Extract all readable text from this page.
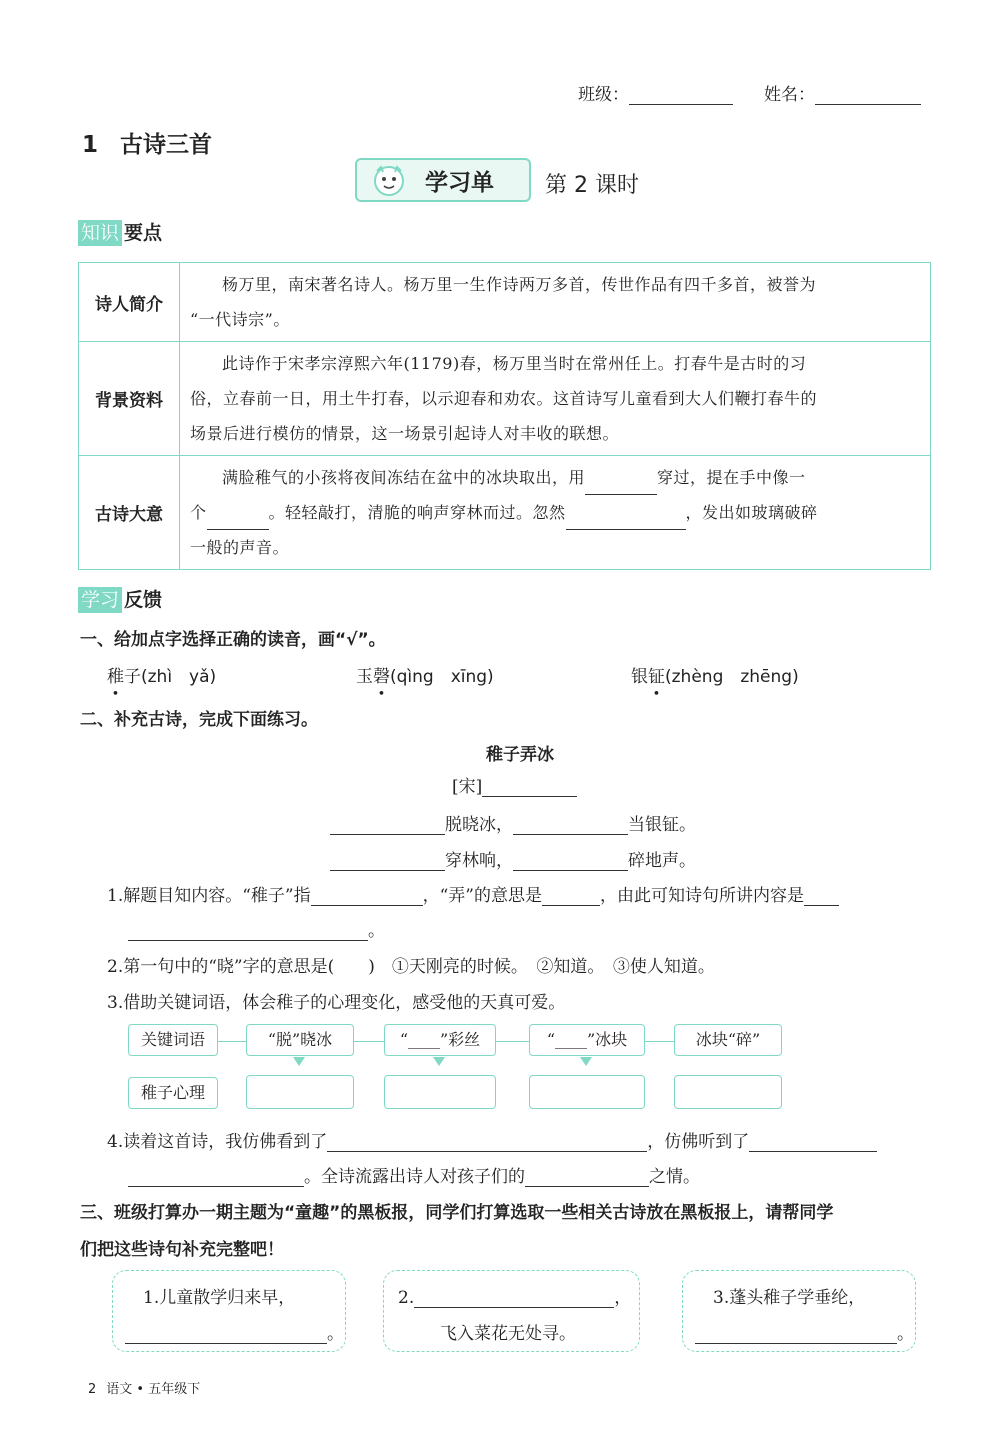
班级：	姓名：
1 古诗三首
学习单 第 2 课时
知识 要点
诗人简介	杨万里，南宋著名诗人。杨万里一生作诗两万多首，传世作品有四千多首，被誉为
“一代诗宗”。

背景资料	此诗作于宋孝宗淳熙六年(1179)春，杨万里当时在常州任上。打春牛是古时的习
俗，立春前一日，用土牛打春，以示迎春和劝农。这首诗写儿童看到大人们鞭打春牛的
场景后进行模仿的情景，这一场景引起诗人对丰收的联想。

古诗大意	满脸稚气的小孩将夜间冻结在盆中的冰块取出，用 穿过，提在手中像一
个 。轻轻敲打，清脆的响声穿林而过。忽然 ，发出如玻璃破碎
一般的声音。
学习 反馈
一、给加点字选择正确的读音，画“√”。
稚子(zhì　yǎ)	玉磬(qìng　xīng)	银钲(zhèng　zhēng)
二、补充古诗，完成下面练习。
稚子弄冰
[宋]
脱晓冰，	当银钲。
穿林响，	碎地声。
1.解题目知内容。“稚子”指	，“弄”的意思是	，由此可知诗句所讲内容是
。
2.第一句中的“晓”字的意思是(　　)　①天刚亮的时候。　②知道。　③使人知道。
3.借助关键词语，体会稚子的心理变化，感受他的天真可爱。
关键词语	“脱”晓冰	“____”彩丝	“____”冰块	冰块“碎”
稚子心理
4.读着这首诗，我仿佛看到了	，仿佛听到了
。全诗流露出诗人对孩子们的	之情。
三、班级打算办一期主题为“童趣”的黑板报，同学们打算选取一些相关古诗放在黑板报上，请帮同学
们把这些诗句补充完整吧！
1.儿童散学归来早，
。
2.	，
飞入菜花无处寻。
3.蓬头稚子学垂纶，
。
2 语文 • 五年级下
